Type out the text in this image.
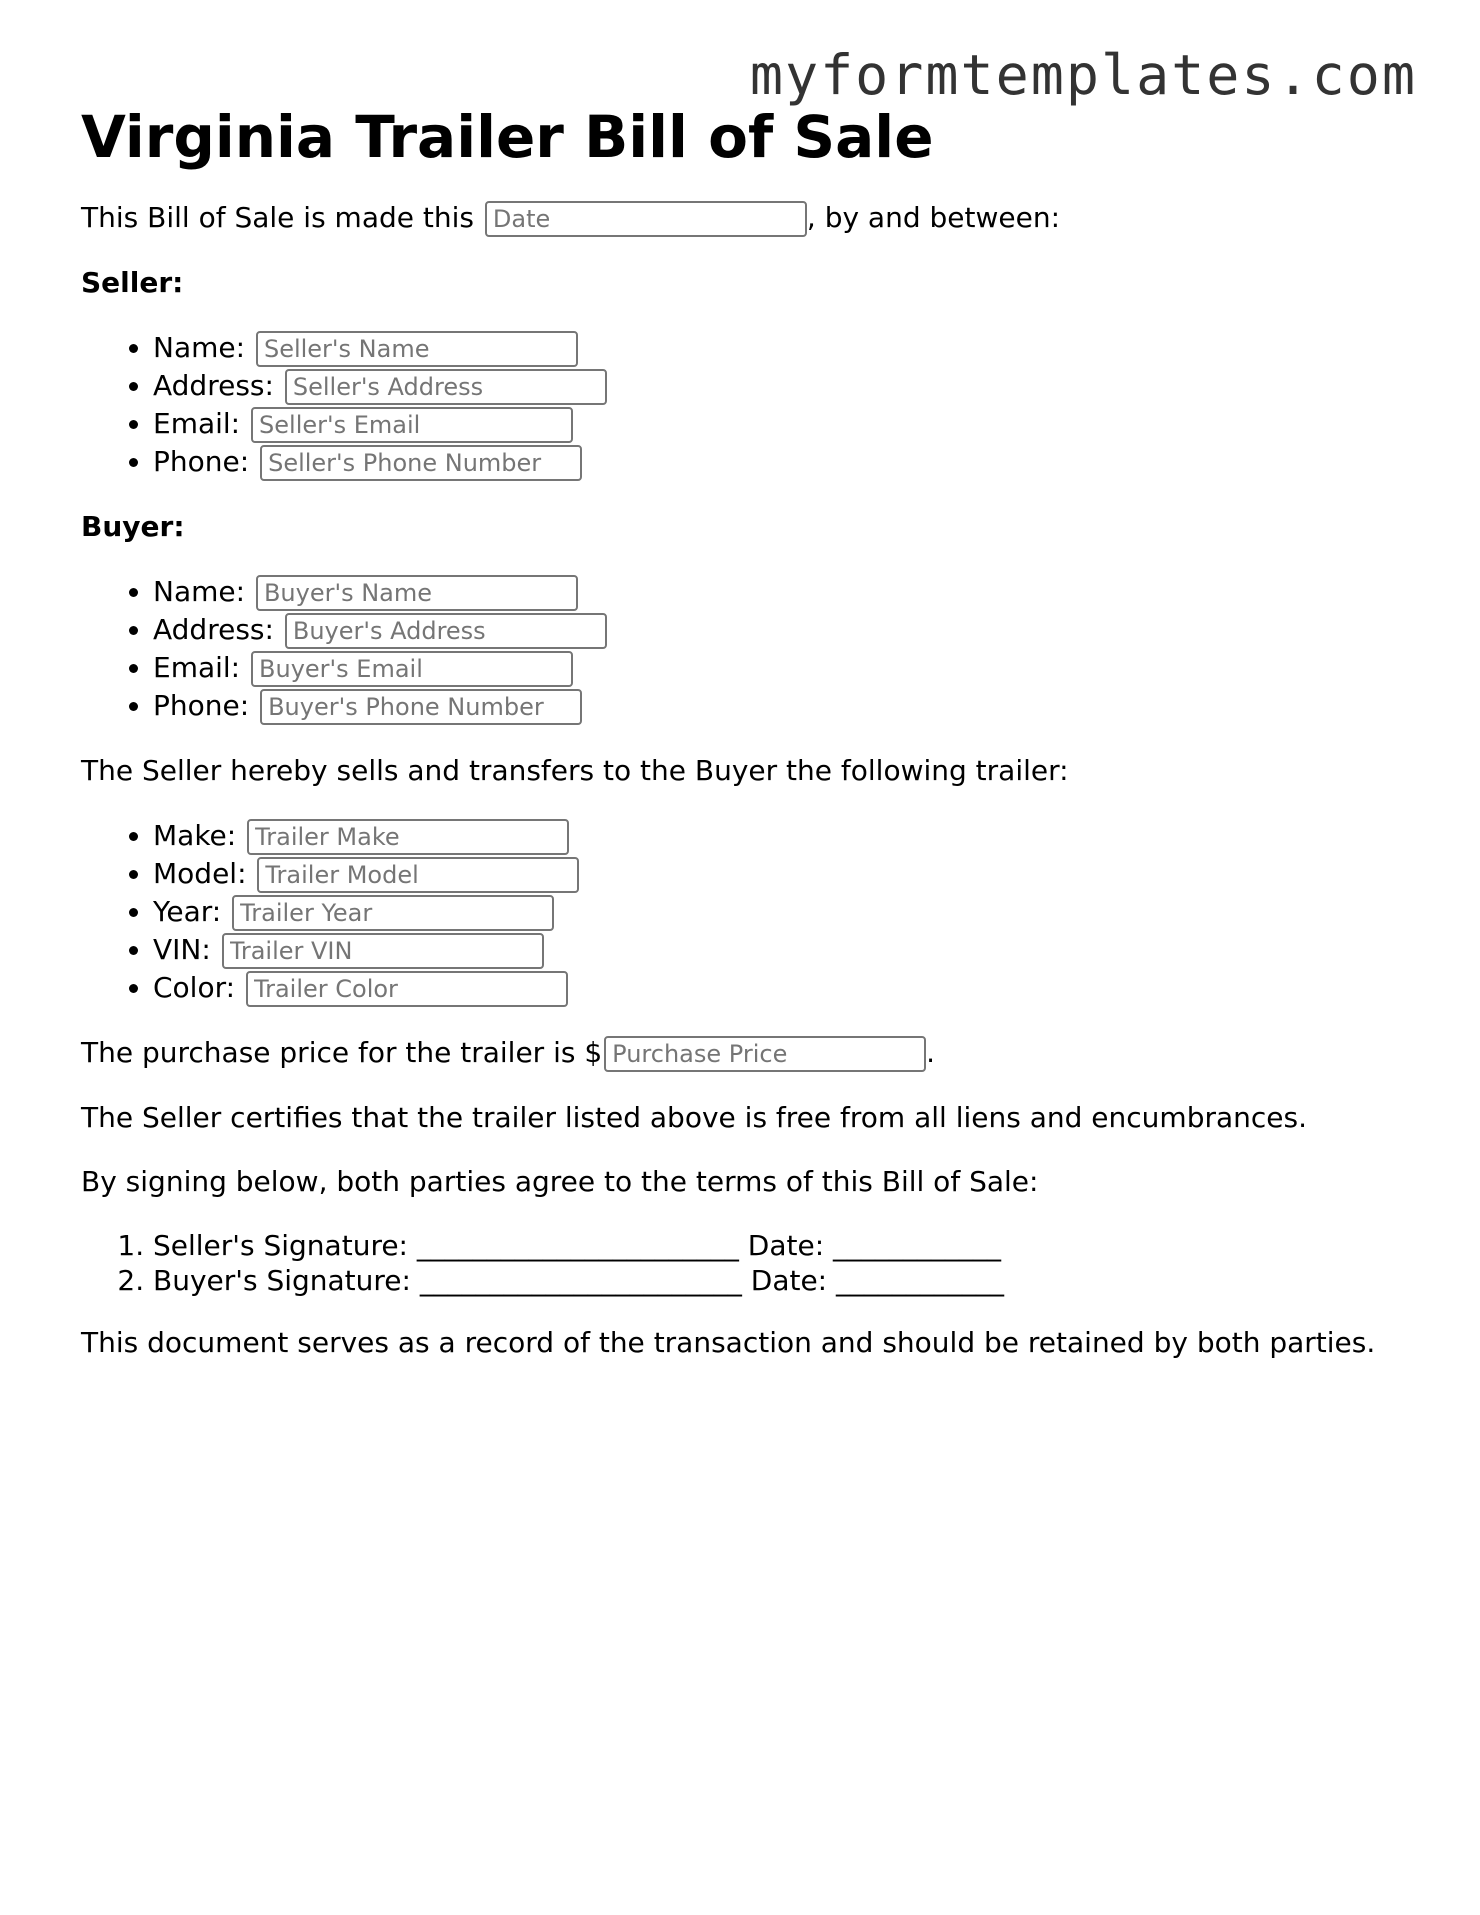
myformtemplates.com
Virginia Trailer Bill of Sale

This Bill of Sale is made this Date	, by and between:

Seller:
• Name: Seller's Name
• Address: Seller's Address
• Email: Seller's Email
• Phone: Seller's Phone Number
Buyer:
• Name: Buyer's Name
• Address: Buyer's Address
• Email: Buyer's Email
• Phone: Buyer's Phone Number

The Seller hereby sells and transfers to the Buyer the following trailer:

• Make: Trailer Make
• Model: Trailer Model
• Year: Trailer Year
• VIN: Trailer VIN
• Color: Trailer Color

The purchase price for the trailer is $Purchase Price	.

The Seller certifies that the trailer listed above is free from all liens and encumbrances.

By signing below, both parties agree to the terms of this Bill of Sale:

1. Seller's Signature: _______________________ Date: ____________
2. Buyer's Signature: _______________________ Date: ____________

This document serves as a record of the transaction and should be retained by both parties.
